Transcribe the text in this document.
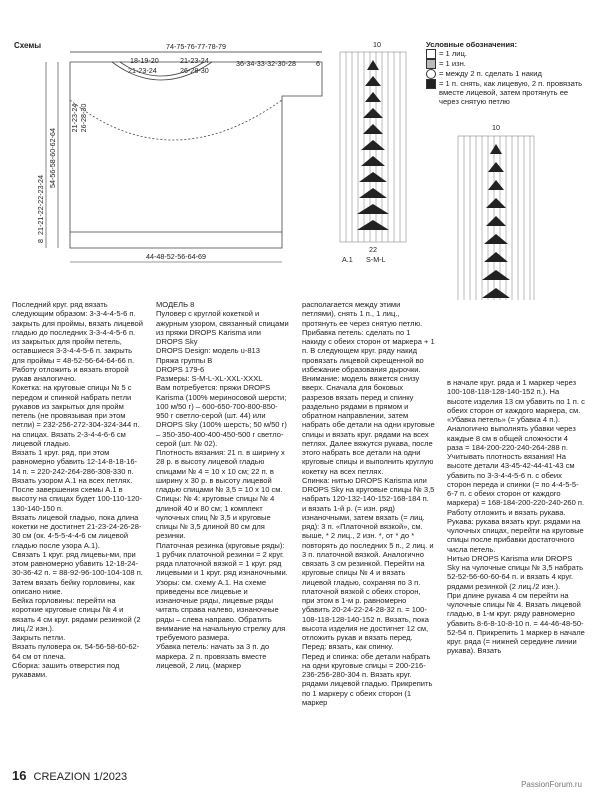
Схемы	74-75-76-77-78-79
18-19-20
21-23-24
21-23-24
26-28-30
36-34-33-32-30-28	6
54-56-58-60-62-64
21-21-22-22-23-24
21-23-24 26-28-30
8
44-48-52-56-64-69
10
22
A.1 S-M-L
10
Условные обозначения:
= 1 лиц.
= 1 изн.
= между 2 п. сделать 1 накид
= 1 п. снять, как лицевую, 2 п. провязать вместе лицевой, затем протянуть ее через снятую петлю
Последний круг. ряд вязать следующим образом: 3-3-4-4-5-6 п. закрыть для проймы, вязать лицевой гладью до последних 3-3-4-4-5-6 п. из закрытых для пройм петель, оставшиеся 3-3-4-4-5-6 п. закрыть для проймы = 48-52-56-64-64-66 п.
Работу отложить и вязать второй рукав аналогично.
Кокетка: на круговые спицы № 5 с передом и спинкой набрать петли рукавов из закрытых для пройм петель (не провязывая при этом петли) = 232-256-272-304-324-344 п. на спицах. Вязать 2-3-4-4-6-6 см лицевой гладью.
Вязать 1 круг. ряд, при этом равномерно убавить 12-14-8-18-16-14 п. = 220-242-264-286-308-330 п.
Вязать узором А.1 на всех петлях.
После завершения схемы А.1 в высоту на спицах будет 100-110-120-130-140-150 п.
Вязать лицевой гладью, пока длина кокетки не достигнет 21-23-24-26-28-30 см (ок. 4-5-5-4-4-6 см лицевой гладью после узора А.1).
Связать 1 круг. ряд лицевы-ми, при этом равномерно убавить 12-18-24-30-36-42 п. = 88-92-96-100-104-108 п.
Затем вязать бейку горловины, как описано ниже.
Бейка горловины: перейти на короткие круговые спицы № 4 и вязать 4 см круг. рядами резинкой (2 лиц./2 изн.).
Закрыть петли.
Вязать пуловера ок. 54-56-58-60-62-64 см от плеча.
Сборка: зашить отверстия под рукавами.
МОДЕЛЬ 8
Пуловер с круглой кокеткой и ажурным узором, связанный спицами из пряжи DROPS Karisma или DROPS Sky
DROPS Design: модель u-813
Пряжа группы B
DROPS 179-6
Размеры: S-M-L-XL-XXL-XXXL
Вам потребуется: пряжи DROPS Karisma (100% мериносовой шерсти; 100 м/50 г) – 600-650-700-800-850-950 г светло-серой (шт. 44) или DROPS Sky (100% шерсть; 50 м/50 г) – 350-350-400-400-450-500 г светло-серой (шт. № 02).
Плотность вязания: 21 п. в ширину х 28 р. в высоту лицевой гладью спицами № 4 = 10 х 10 см; 22 п. в ширину х 30 р. в высоту лицевой гладью спицами № 3,5 = 10 х 10 см.
Спицы: № 4: круговые спицы № 4 длиной 40 и 80 см; 1 комплект чулочных спиц № 3,5 и круговые спицы № 3,5 длиной 80 см для резинки.
Платочная резинка (круговые ряды): 1 рубчик платочной резинки = 2 круг. ряда платочной вязкой = 1 круг. ряд лицевыми и 1 круг. ряд изнаночными.
Узоры: см. схему А.1. На схеме приведены все лицевые и изнаночные ряды, лицевые ряды читать справа налево, изнаночные ряды – слева направо. Обратить внимание на начальную стрелку для требуемого размера.
Убавка петель: начать за 3 п. до маркера. 2 п. провязать вместе лицевой, 2 лиц. (маркер
располагается между этими петлями), снять 1 п., 1 лиц., протянуть ее через снятую петлю.
Прибавка петель: сделать по 1 накиду с обеих сторон от маркера + 1 п. В следующем круг. ряду накид провязать лицевой скрещенной во избежание образования дырочки.
Внимание: модель вяжется снизу вверх. Сначала для боковых разрезов вязать перед и спинку раздельно рядами в прямом и обратном направлении, затем набрать обе детали на одни круговые спицы и вязать круг. рядами на всех петлях. Далее вяжутся рукава, после этого набрать все детали на одни круговые спицы и выполнить круглую кокетку на всех петлях.
Спинка: нитью DROPS Karisma или DROPS Sky на круговые спицы № 3,5 набрать 120-132-140-152-168-184 п. и вязать 1-й р. (= изн. ряд) изнаночными, затем вязать (= лиц. ряд): 3 п. «Платочной вязкой», см. выше, * 2 лиц., 2 изн. *, от * до * повторять до последних 5 п., 2 лиц. и 3 п. платочной вязкой. Аналогично связать 3 см резинкой. Перейти на круговые спицы № 4 и вязать лицевой гладью, сохраняя по 3 п. платочной вязкой с обеих сторон, при этом в 1-м р. равномерно убавить 20-24-22-24-28-32 п. = 100-108-118-128-140-152 п. Вязать, пока высота изделия не достигнет 12 см, отложить рукав и вязать перед.
Перед: вязать, как спинку.
Перед и спинка: обе детали набрать на одни круговые спицы = 200-216-236-256-280-304 п. Вязать круг. рядами лицевой гладью. Прикрепить по 1 маркеру с обеих сторон (1 маркер
в начале круг. ряда и 1 маркер через 100-108-118-128-140-152 п.). На высоте изделия 13 см убавить по 1 п. с обеих сторон от каждого маркера, см. «Убавка петель» (= убавка 4 п.). Аналогично выполнять убавки через каждые 8 см в общей сложности 4 раза = 184-200-220-240-264-288 п. Учитывать плотность вязания! На высоте детали 43-45-42-44-41-43 см убавить по 3-3-4-4-5-6 п. с обеих сторон переда и спинки (= по 4-4-5-5-6-7 п. с обеих сторон от каждого маркера) = 168-184-200-220-240-260 п. Работу отложить и вязать рукава.
Рукава: рукава вязать круг. рядами на чулочных спицах, перейти на круговые спицы после прибавки достаточного числа петель.
Нитью DROPS Karisma или DROPS Sky на чулочные спицы № 3,5 набрать 52-52-56-60-60-64 п. и вязать 4 круг. рядами резинкой (2 лиц./2 изн.).
При длине рукава 4 см перейти на чулочные спицы № 4. Вязать лицевой гладью, в 1-м круг. ряду равномерно убавить 8-6-8-10-8-10 п. = 44-46-48-50-52-54 п. Прикрепить 1 маркер в начале круг. ряда (= нижней середине линии рукава). Вязать
16 CREAZION 1/2023
PassionForum.ru
